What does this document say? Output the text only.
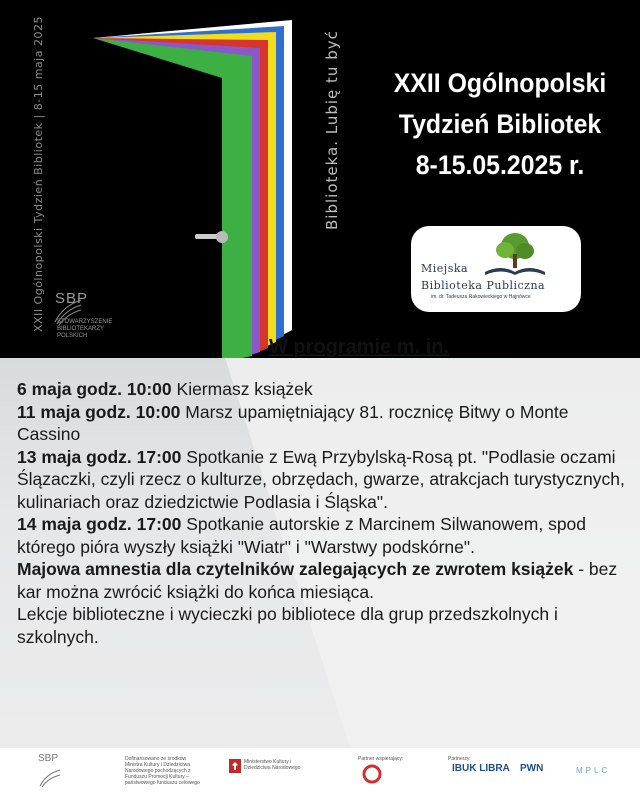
XXII Ogólnopolski Tydzień Bibliotek | 8-15 maja 2025	Biblioteka. Lubię tu być
SBP
STOWARZYSZENIE
BIBLIOTEKARZY
POLSKICH
XXII Ogólnopolski
Tydzień Bibliotek
8-15.05.2025 r.
Miejska
Biblioteka Publiczna
im. dr. Tadeusza Rakowieckiego w Hajnówce
W programie m. in.

6 maja godz. 10:00 Kiermasz książek

11 maja godz. 10:00 Marsz upamiętniający 81. rocznicę Bitwy o Monte Cassino

13 maja godz. 17:00 Spotkanie z Ewą Przybylską-Rosą pt. "Podlasie oczami Ślązaczki, czyli rzecz o kulturze, obrzędach, gwarze, atrakcjach turystycznych, kulinariach oraz dziedzictwie Podlasia i Śląska".

14 maja godz. 17:00 Spotkanie autorskie z Marcinem Silwanowem, spod którego pióra wyszły książki "Wiatr" i "Warstwy podskórne".

Majowa amnestia dla czytelników zalegających ze zwrotem książek - bez kar można zwrócić książki do końca miesiąca.

Lekcje biblioteczne i wycieczki po bibliotece dla grup przedszkolnych i szkolnych.

SBP	Dofinansowano ze środków Ministra Kultury i Dziedzictwa Narodowego pochodzących z Funduszu Promocji Kultury – państwowego funduszu celowego
Ministerstwo Kultury i Dziedzictwa Narodowego
Partner wspierający:	Partnerzy:
IBUK LIBRA PWN	MPLC
